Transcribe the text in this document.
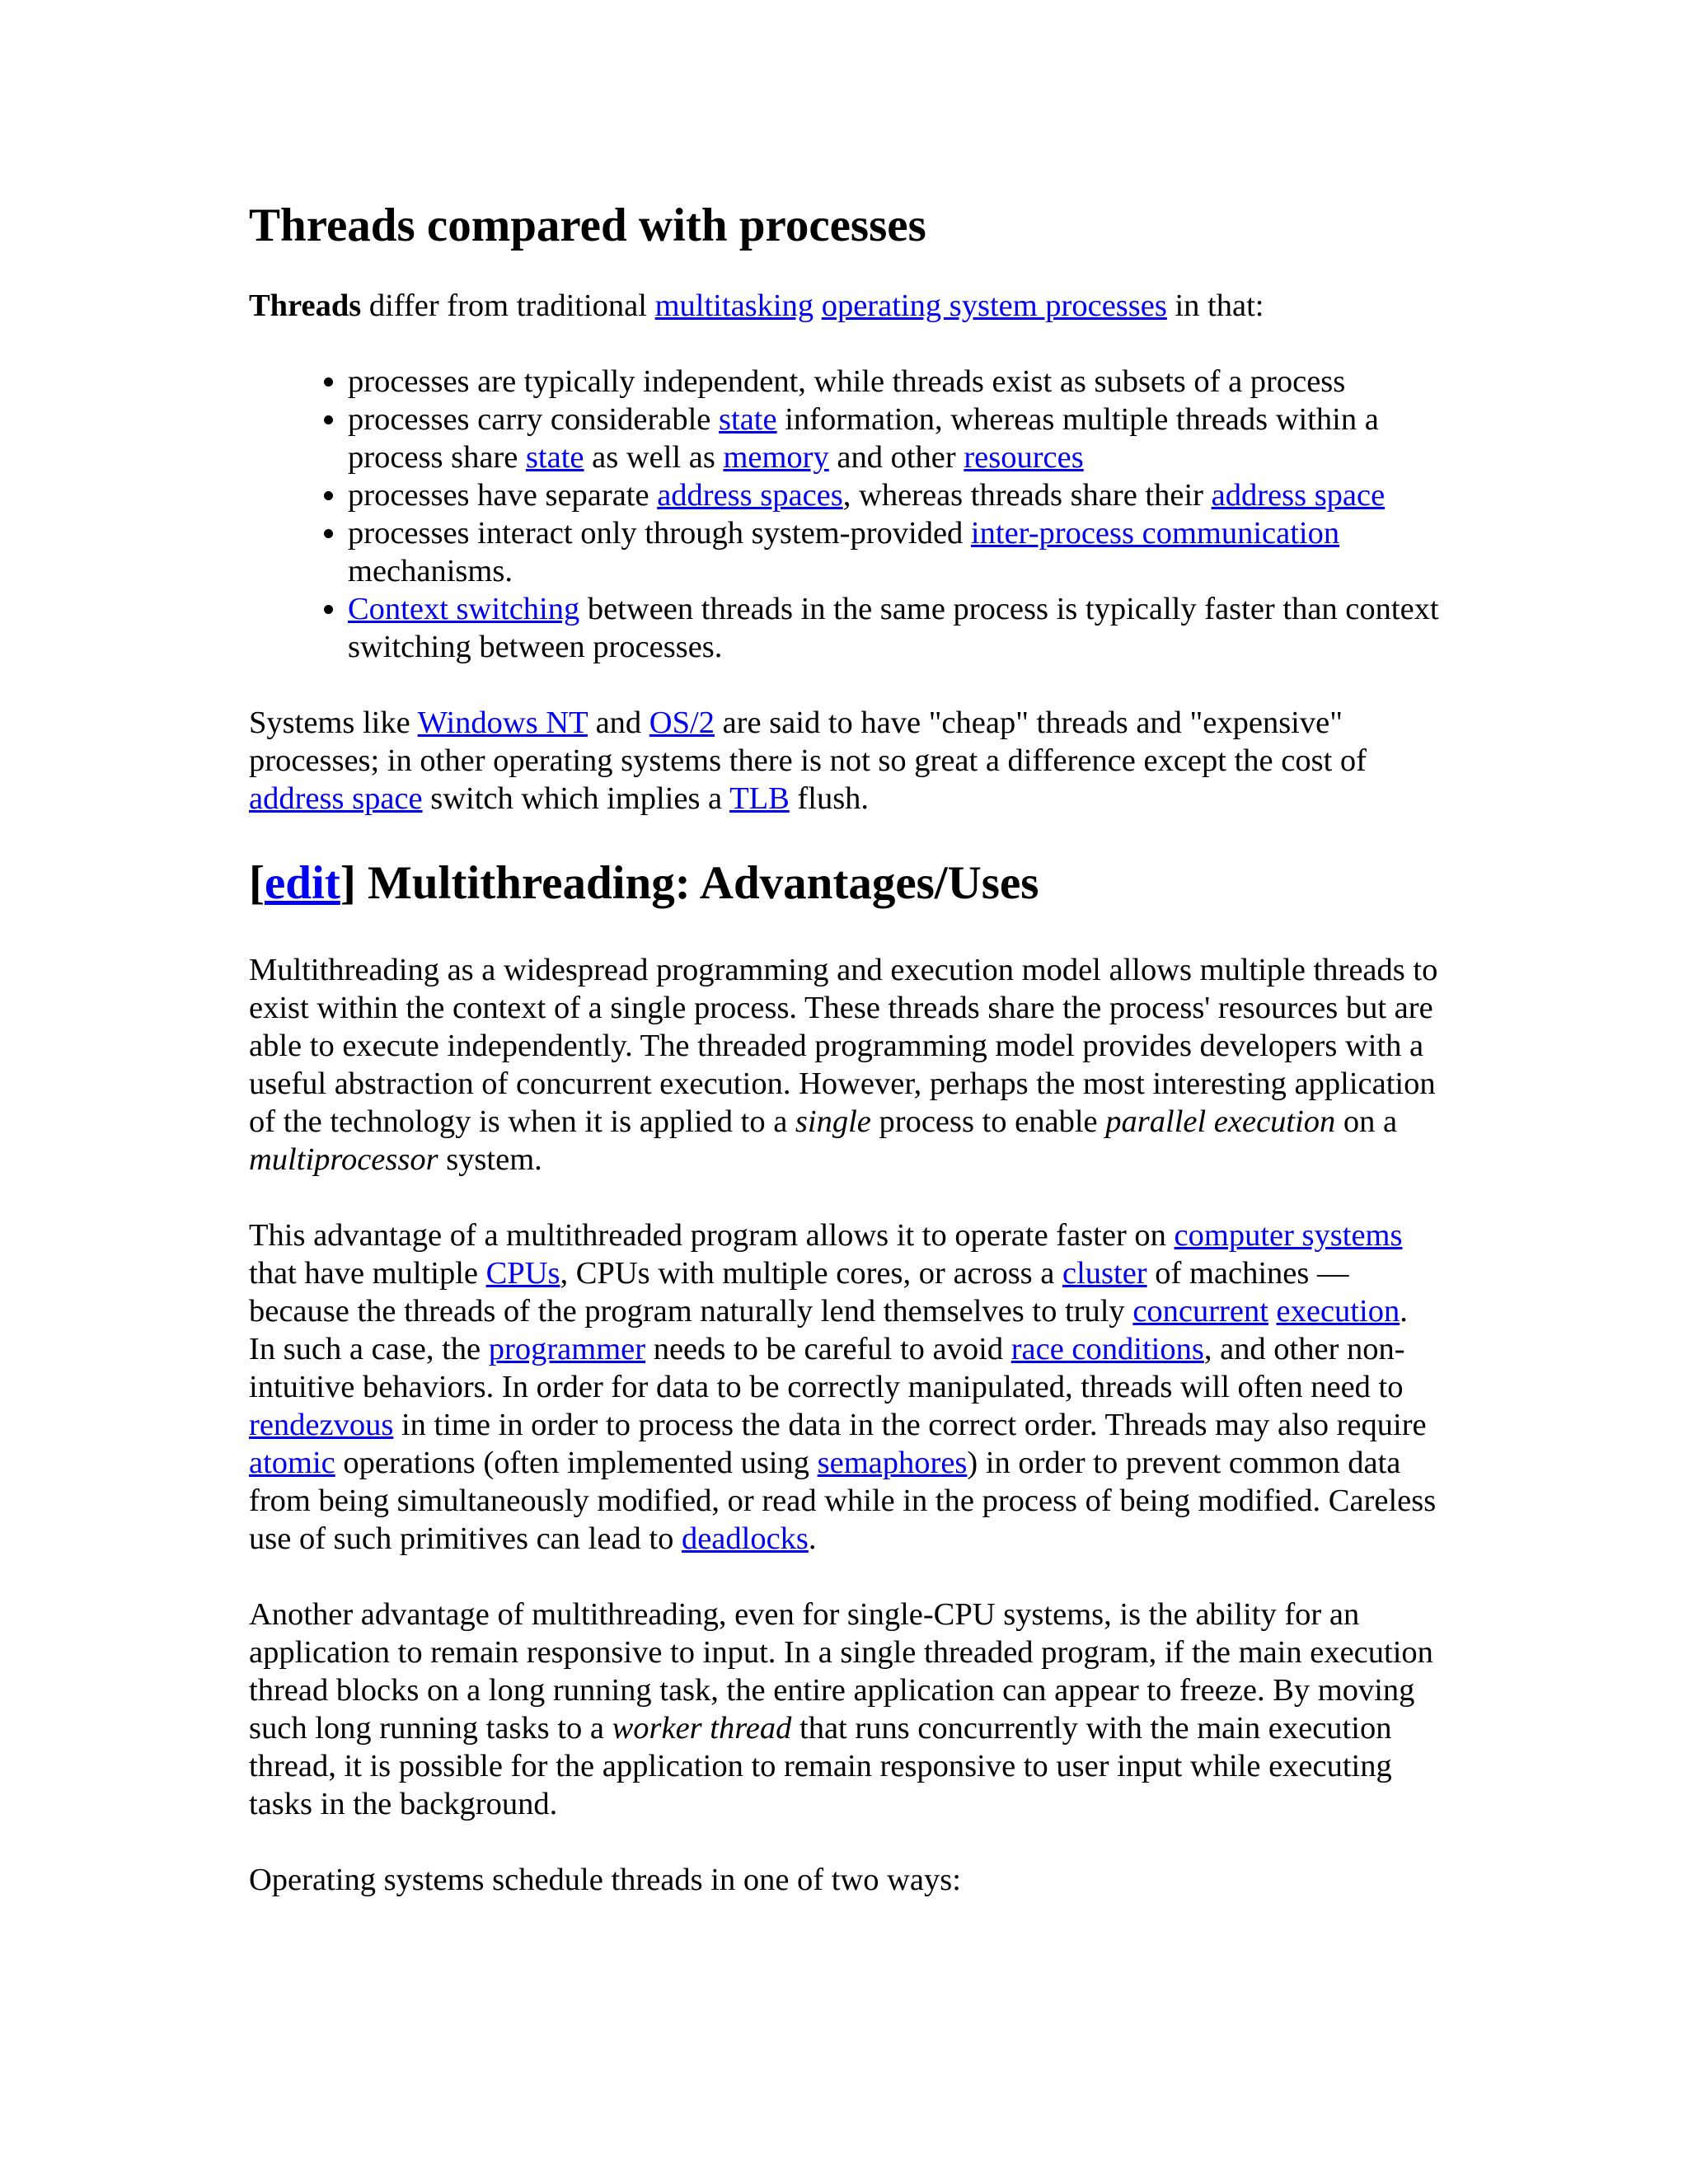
Threads compared with processes

Threads differ from traditional multitasking operating system processes in that:

• processes are typically independent, while threads exist as subsets of a process
• processes carry considerable state information, whereas multiple threads within a process share state as well as memory and other resources
• processes have separate address spaces, whereas threads share their address space
• processes interact only through system-provided inter-process communication mechanisms.
• Context switching between threads in the same process is typically faster than context switching between processes.

Systems like Windows NT and OS/2 are said to have "cheap" threads and "expensive" processes; in other operating systems there is not so great a difference except the cost of address space switch which implies a TLB flush.

[edit] Multithreading: Advantages/Uses

Multithreading as a widespread programming and execution model allows multiple threads to exist within the context of a single process. These threads share the process' resources but are able to execute independently. The threaded programming model provides developers with a useful abstraction of concurrent execution. However, perhaps the most interesting application of the technology is when it is applied to a single process to enable parallel execution on a multiprocessor system.

This advantage of a multithreaded program allows it to operate faster on computer systems that have multiple CPUs, CPUs with multiple cores, or across a cluster of machines — because the threads of the program naturally lend themselves to truly concurrent execution. In such a case, the programmer needs to be careful to avoid race conditions, and other non-intuitive behaviors. In order for data to be correctly manipulated, threads will often need to rendezvous in time in order to process the data in the correct order. Threads may also require atomic operations (often implemented using semaphores) in order to prevent common data from being simultaneously modified, or read while in the process of being modified. Careless use of such primitives can lead to deadlocks.

Another advantage of multithreading, even for single-CPU systems, is the ability for an application to remain responsive to input. In a single threaded program, if the main execution thread blocks on a long running task, the entire application can appear to freeze. By moving such long running tasks to a worker thread that runs concurrently with the main execution thread, it is possible for the application to remain responsive to user input while executing tasks in the background.

Operating systems schedule threads in one of two ways:
